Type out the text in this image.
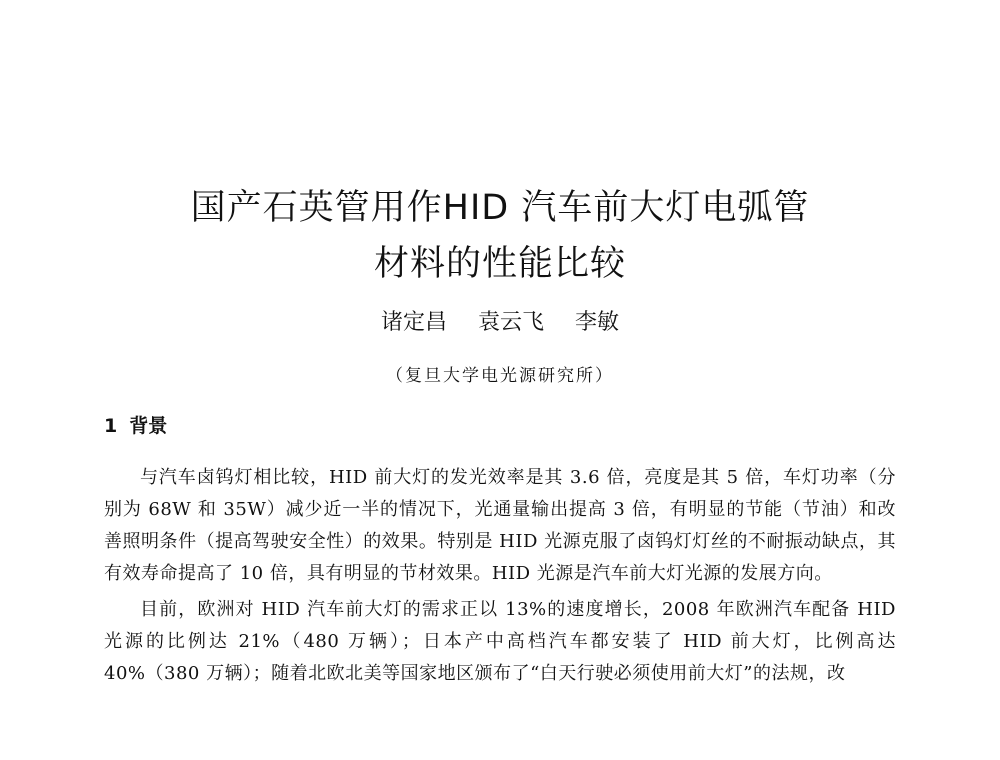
国产石英管用作HID 汽车前大灯电弧管
材料的性能比较
诸定昌 袁云飞 李敏
（复旦大学电光源研究所）
1 背景

与汽车卤钨灯相比较，HID 前大灯的发光效率是其 3.6 倍，亮度是其 5 倍，车灯功率（分别为 68W 和 35W）减少近一半的情况下，光通量输出提高 3 倍，有明显的节能（节油）和改善照明条件（提高驾驶安全性）的效果。特别是 HID 光源克服了卤钨灯灯丝的不耐振动缺点，其有效寿命提高了 10 倍，具有明显的节材效果。HID 光源是汽车前大灯光源的发展方向。

目前，欧洲对 HID 汽车前大灯的需求正以 13%的速度增长，2008 年欧洲汽车配备 HID 光源的比例达 21%（480 万辆）；日本产中高档汽车都安装了 HID 前大灯，比例高达 40%（380 万辆）；随着北欧北美等国家地区颁布了“白天行驶必须使用前大灯”的法规，改
